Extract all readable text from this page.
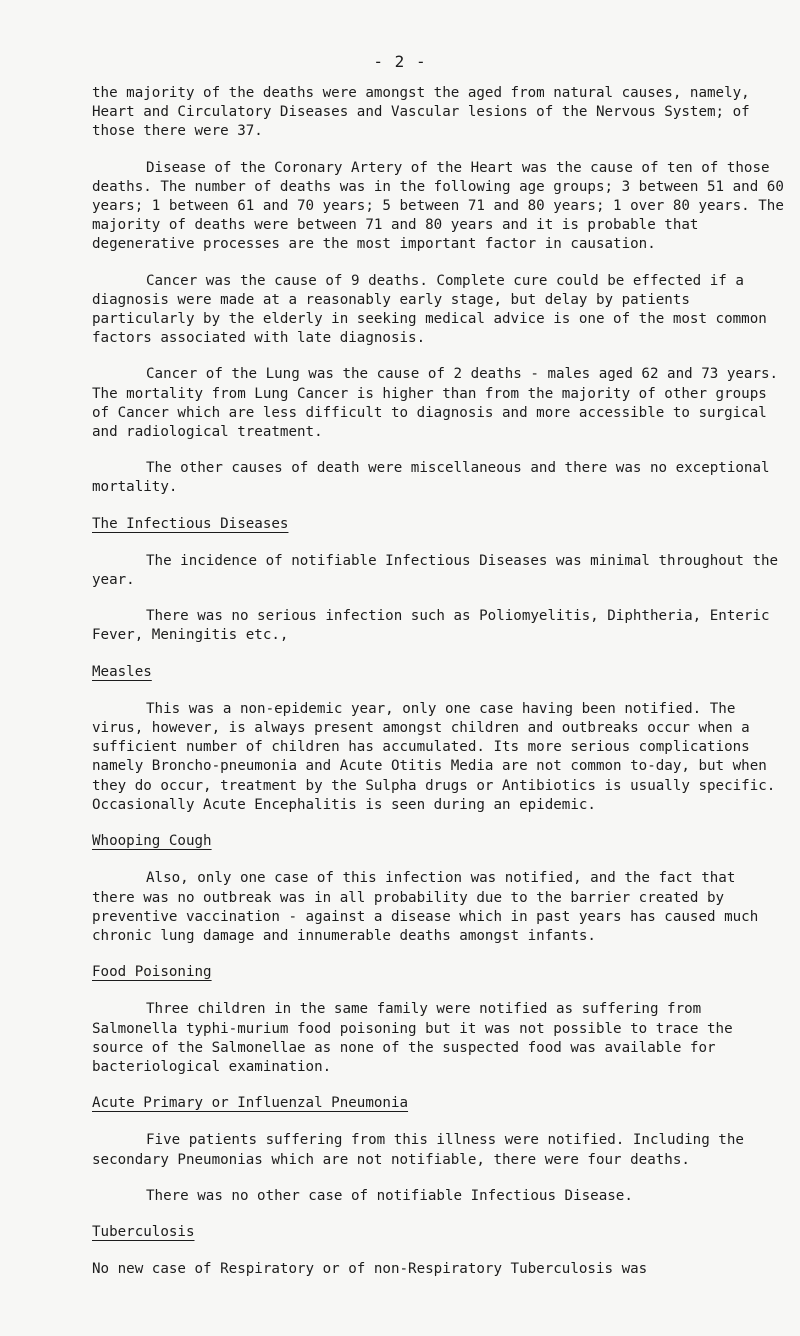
- 2 -

the majority of the deaths were amongst the aged from natural causes, namely, Heart and Circulatory Diseases and Vascular lesions of the Nervous System; of those there were 37.

Disease of the Coronary Artery of the Heart was the cause of ten of those deaths. The number of deaths was in the following age groups; 3 between 51 and 60 years; 1 between 61 and 70 years; 5 between 71 and 80 years; 1 over 80 years. The majority of deaths were between 71 and 80 years and it is probable that degenerative processes are the most important factor in causation.

Cancer was the cause of 9 deaths. Complete cure could be effected if a diagnosis were made at a reasonably early stage, but delay by patients particularly by the elderly in seeking medical advice is one of the most common factors associated with late diagnosis.

Cancer of the Lung was the cause of 2 deaths - males aged 62 and 73 years. The mortality from Lung Cancer is higher than from the majority of other groups of Cancer which are less difficult to diagnosis and more accessible to surgical and radiological treatment.

The other causes of death were miscellaneous and there was no exceptional mortality.

The Infectious Diseases

The incidence of notifiable Infectious Diseases was minimal throughout the year.

There was no serious infection such as Poliomyelitis, Diphtheria, Enteric Fever, Meningitis etc.,

Measles

This was a non-epidemic year, only one case having been notified. The virus, however, is always present amongst children and outbreaks occur when a sufficient number of children has accumulated. Its more serious complications namely Broncho-pneumonia and Acute Otitis Media are not common to-day, but when they do occur, treatment by the Sulpha drugs or Antibiotics is usually specific. Occasionally Acute Encephalitis is seen during an epidemic.

Whooping Cough

Also, only one case of this infection was notified, and the fact that there was no outbreak was in all probability due to the barrier created by preventive vaccination - against a disease which in past years has caused much chronic lung damage and innumerable deaths amongst infants.

Food Poisoning

Three children in the same family were notified as suffering from Salmonella typhi-murium food poisoning but it was not possible to trace the source of the Salmonellae as none of the suspected food was available for bacteriological examination.

Acute Primary or Influenzal Pneumonia

Five patients suffering from this illness were notified. Including the secondary Pneumonias which are not notifiable, there were four deaths.

There was no other case of notifiable Infectious Disease.

Tuberculosis

No new case of Respiratory or of non-Respiratory Tuberculosis was
